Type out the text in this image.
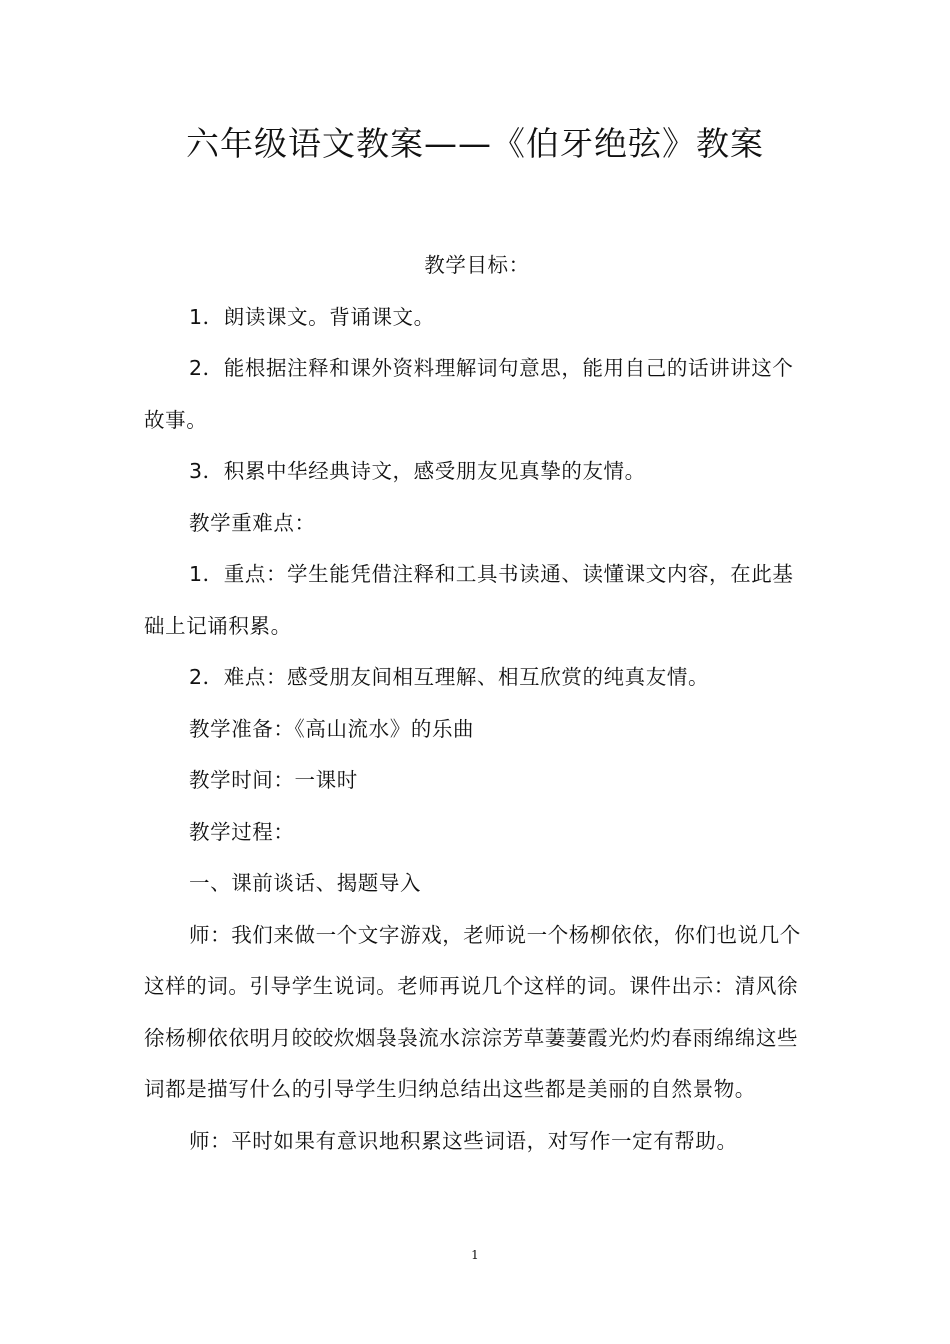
六年级语文教案——《伯牙绝弦》教案

教学目标：

1．朗读课文。背诵课文。

2．能根据注释和课外资料理解词句意思，能用自己的话讲讲这个故事。

3．积累中华经典诗文，感受朋友见真挚的友情。

教学重难点：

1．重点：学生能凭借注释和工具书读通、读懂课文内容，在此基础上记诵积累。

2．难点：感受朋友间相互理解、相互欣赏的纯真友情。

教学准备：《高山流水》的乐曲

教学时间：一课时

教学过程：

一、课前谈话、揭题导入

师：我们来做一个文字游戏，老师说一个杨柳依依，你们也说几个这样的词。引导学生说词。老师再说几个这样的词。课件出示：清风徐徐杨柳依依明月皎皎炊烟袅袅流水淙淙芳草萋萋霞光灼灼春雨绵绵这些词都是描写什么的引导学生归纳总结出这些都是美丽的自然景物。

师：平时如果有意识地积累这些词语，对写作一定有帮助。

1
